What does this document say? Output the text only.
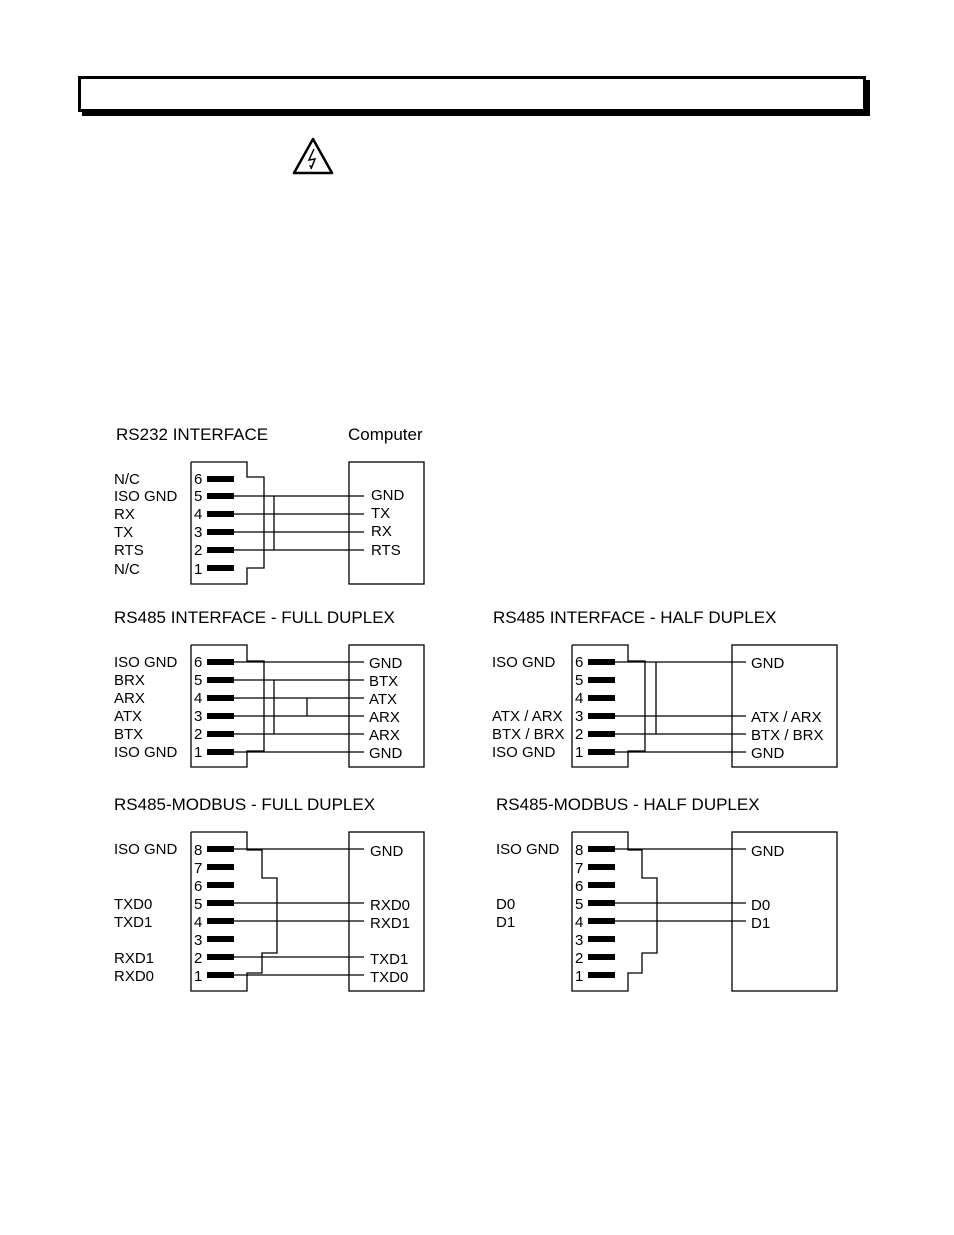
RS232 INTERFACE	Computer
N/C
ISO GND
RX
TX
RTS
N/C
6
5
4
3
2
1
GND
TX
RX
RTS
RS485 INTERFACE - FULL DUPLEX
ISO GND
BRX
ARX
ATX
BTX
ISO GND
6
5
4
3
2
1
GND
BTX
ATX
ARX
ARX
GND
RS485 INTERFACE - HALF DUPLEX
ISO GND
ATX / ARX
BTX / BRX
ISO GND
6
5
4
3
2
1
GND
ATX / ARX
BTX / BRX
GND
RS485-MODBUS - FULL DUPLEX
ISO GND
TXD0
TXD1
RXD1
RXD0
8
7
6
5
4
3
2
1
GND
RXD0
RXD1
TXD1
TXD0
RS485-MODBUS - HALF DUPLEX
ISO GND
D0
D1
8
7
6
5
4
3
2
1
GND
D0
D1
